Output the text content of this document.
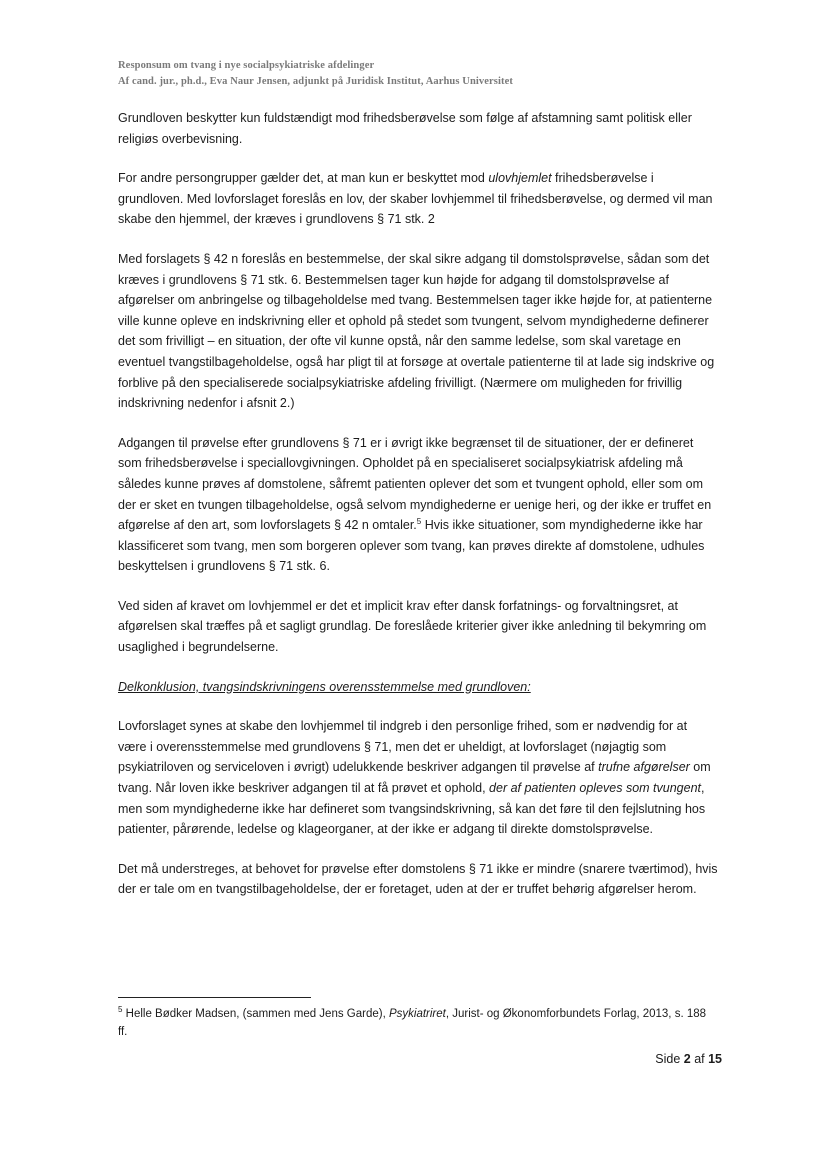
Responsum om tvang i nye socialpsykiatriske afdelinger
Af cand. jur., ph.d., Eva Naur Jensen, adjunkt på Juridisk Institut, Aarhus Universitet

Grundloven beskytter kun fuldstændigt mod frihedsberøvelse som følge af afstamning samt politisk eller religiøs overbevisning.

For andre persongrupper gælder det, at man kun er beskyttet mod ulovhjemlet frihedsberøvelse i grundloven. Med lovforslaget foreslås en lov, der skaber lovhjemmel til frihedsberøvelse, og dermed vil man skabe den hjemmel, der kræves i grundlovens § 71 stk. 2

Med forslagets § 42 n foreslås en bestemmelse, der skal sikre adgang til domstolsprøvelse, sådan som det kræves i grundlovens § 71 stk. 6. Bestemmelsen tager kun højde for adgang til domstolsprøvelse af afgørelser om anbringelse og tilbageholdelse med tvang. Bestemmelsen tager ikke højde for, at patienterne ville kunne opleve en indskrivning eller et ophold på stedet som tvungent, selvom myndighederne definerer det som frivilligt – en situation, der ofte vil kunne opstå, når den samme ledelse, som skal varetage en eventuel tvangstilbageholdelse, også har pligt til at forsøge at overtale patienterne til at lade sig indskrive og forblive på den specialiserede socialpsykiatriske afdeling frivilligt. (Nærmere om muligheden for frivillig indskrivning nedenfor i afsnit 2.)

Adgangen til prøvelse efter grundlovens § 71 er i øvrigt ikke begrænset til de situationer, der er defineret som frihedsberøvelse i speciallovgivningen. Opholdet på en specialiseret socialpsykiatrisk afdeling må således kunne prøves af domstolene, såfremt patienten oplever det som et tvungent ophold, eller som om der er sket en tvungen tilbageholdelse, også selvom myndighederne er uenige heri, og der ikke er truffet en afgørelse af den art, som lovforslagets § 42 n omtaler.$^5$ Hvis ikke situationer, som myndighederne ikke har klassificeret som tvang, men som borgeren oplever som tvang, kan prøves direkte af domstolene, udhules beskyttelsen i grundlovens § 71 stk. 6.

Ved siden af kravet om lovhjemmel er det et implicit krav efter dansk forfatnings- og forvaltningsret, at afgørelsen skal træffes på et sagligt grundlag. De foreslåede kriterier giver ikke anledning til bekymring om usaglighed i begrundelserne.

Delkonklusion, tvangsindskrivningens overensstemmelse med grundloven:

Lovforslaget synes at skabe den lovhjemmel til indgreb i den personlige frihed, som er nødvendig for at være i overensstemmelse med grundlovens § 71, men det er uheldigt, at lovforslaget (nøjagtig som psykiatriloven og serviceloven i øvrigt) udelukkende beskriver adgangen til prøvelse af trufne afgørelser om tvang. Når loven ikke beskriver adgangen til at få prøvet et ophold, der af patienten opleves som tvungent, men som myndighederne ikke har defineret som tvangsindskrivning, så kan det føre til den fejlslutning hos patienter, pårørende, ledelse og klageorganer, at der ikke er adgang til direkte domstolsprøvelse.

Det må understreges, at behovet for prøvelse efter domstolens § 71 ikke er mindre (snarere tværtimod), hvis der er tale om en tvangstilbageholdelse, der er foretaget, uden at der er truffet behørig afgørelser herom.

$^5$ Helle Bødker Madsen, (sammen med Jens Garde), Psykiatriret, Jurist- og Økonomforbundets Forlag, 2013, s. 188 ff.
Side 2 af 15
